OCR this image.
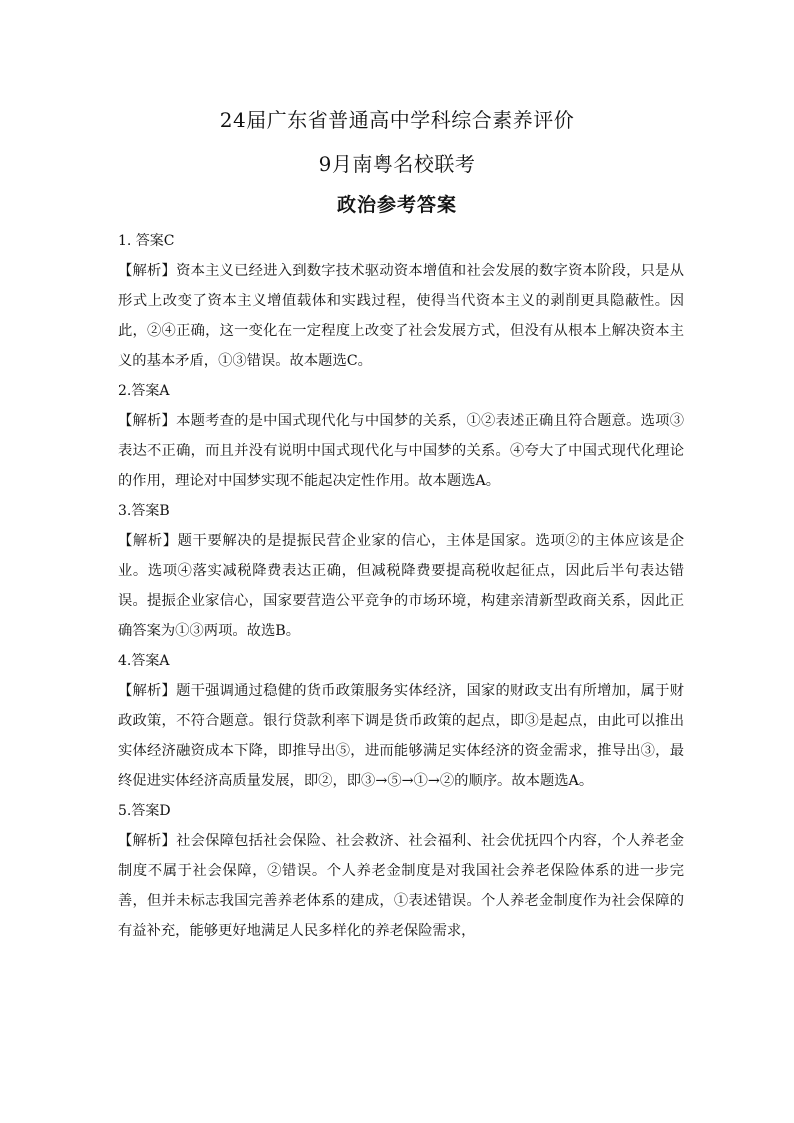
24届广东省普通高中学科综合素养评价
9月南粤名校联考
政治参考答案
1. 答案C

【解析】资本主义已经进入到数字技术驱动资本增值和社会发展的数字资本阶段，只是从形式上改变了资本主义增值载体和实践过程，使得当代资本主义的剥削更具隐蔽性。因此，②④正确，这一变化在一定程度上改变了社会发展方式，但没有从根本上解决资本主义的基本矛盾，①③错误。故本题选C。

2.答案A

【解析】本题考查的是中国式现代化与中国梦的关系，①②表述正确且符合题意。选项③表达不正确，而且并没有说明中国式现代化与中国梦的关系。④夸大了中国式现代化理论的作用，理论对中国梦实现不能起决定性作用。故本题选A。

3.答案B

【解析】题干要解决的是提振民营企业家的信心，主体是国家。选项②的主体应该是企业。选项④落实减税降费表达正确，但减税降费要提高税收起征点，因此后半句表达错误。提振企业家信心，国家要营造公平竞争的市场环境，构建亲清新型政商关系，因此正确答案为①③两项。故选B。

4.答案A

【解析】题干强调通过稳健的货币政策服务实体经济，国家的财政支出有所增加，属于财政政策，不符合题意。银行贷款利率下调是货币政策的起点，即③是起点，由此可以推出实体经济融资成本下降，即推导出⑤，进而能够满足实体经济的资金需求，推导出③，最终促进实体经济高质量发展，即②，即③→⑤→①→②的顺序。故本题选A。

5.答案D

【解析】社会保障包括社会保险、社会救济、社会福利、社会优抚四个内容，个人养老金制度不属于社会保障，②错误。个人养老金制度是对我国社会养老保险体系的进一步完善，但并未标志我国完善养老体系的建成，①表述错误。个人养老金制度作为社会保障的有益补充，能够更好地满足人民多样化的养老保险需求，
